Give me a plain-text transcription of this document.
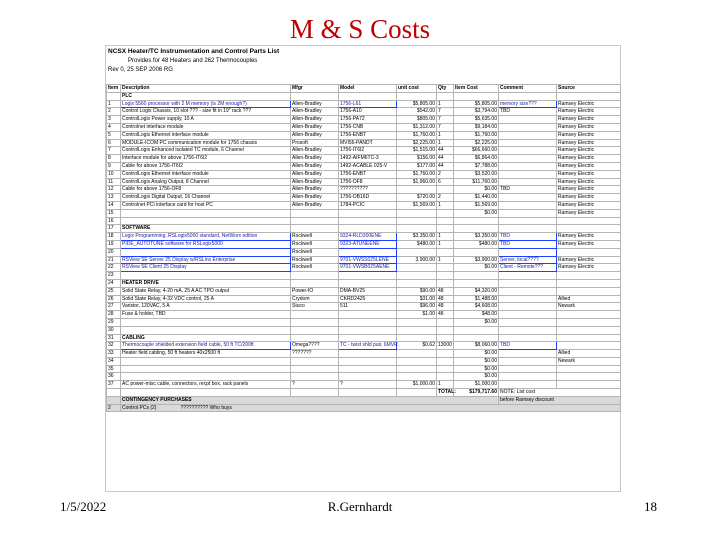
M & S Costs
NCSX Heater/TC Instrumentation and Control Parts List
Provides for 48 Heaters and 262 Thermocouples
Rev 0, 25 SEP 2006 RG
Item	Description	Mfgr	Model	unit cost	Qty	Item Cost	Comment	Source
	PLC							
1	Logix 5560 processor with 2 M memory (is 2M enough?)	Allen-Bradley	1756-L61	$5,805.00	1	$5,805.00	memory size???	Ramsey Electric
2	Control Logix Chassis, 10 slot ??? - size fit in 19" rack ???	Allen-Bradley	1756-A10	$542.00	7	$3,794.00	TBD	Ramsey Electric
3	ControlLogix Power supply, 10 A	Allen-Bradley	1756-PA72	$805.00	7	$5,635.00		Ramsey Electric
4	Controlnet interface module	Allen-Bradley	1756-CNB	$1,312.00	7	$9,184.00		Ramsey Electric
5	ControlLogix Ethernet interface module	Allen-Bradley	1756-ENBT	$1,760.00	1	$1,760.00		Ramsey Electric
6	MODULE-ICOM PC communication module for 1756 chassis	Prosoft	MVI56-PANDT	$2,225.00	1	$2,225.00		Ramsey Electric
7	ControlLogix Enhanced isolated TC module, 6 Channel	Allen-Bradley	1756-IT6I2	$1,515.00	44	$66,660.00		Ramsey Electric
8	Interface module for above 1756-IT6I2	Allen-Bradley	1492-AIFM6TC-3	$156.00	44	$6,864.00		Ramsey Electric
9	Cable for above 1756-IT6I2	Allen-Bradley	1492-ACABLE 025-V	$177.00	44	$7,788.00		Ramsey Electric
10	ControlLogix Ethernet interface module	Allen-Bradley	1756-ENBT	$1,760.00	2	$3,520.00		Ramsey Electric
11	ControlLogix Analog Output, 8 Channel	Allen-Bradley	1756-OF8	$1,960.00	6	$11,760.00		Ramsey Electric
12	Cable for above 1756-OF8	Allen-Bradley	??????????			$0.00	TBD	Ramsey Electric
13	ControlLogix Digital Output, 16 Channel	Allen-Bradley	1756-OB16D	$720.00	2	$1,440.00		Ramsey Electric
14	Controlnet PCI interface card for host PC	Allen-Bradley	1784-PCIC	$1,569.00	1	$1,569.00		Ramsey Electric
15						$0.00		Ramsey Electric
16								
17	SOFTWARE							
18	Logix Programming, RSLogix5000 standard, NetWorx edition	Rockwell	9324-RLD300ENE	$3,350.00	1	$3,350.00	TBD	Ramsey Electric
19	PIDE_AUTOTUNE software for RSLogix5000	Rockwell	9323-ATUNEENE	$480.00	1	$480.00	TBD	Ramsey Electric
20		Rockwell						
21	RSView SE Server 25 Display w/RSLinx Enterprise	Rockwell	9701-VWSS025LENE	3,900.00	1	$3,900.00	Server, local????	Ramsey Electric
22	RSView SE Client 25 Display	Rockwell	9701-VWSB025AENE			$0.00	Client - Remote???	Ramsey Electric
23								
24	HEATER DRIVE							
25	Solid State Relay, 4-20 mA, 25 A AC TPO output	Power-IO	DMA-BV25	$90.00	48	$4,320.00		
26	Solid State Relay, 4-32 VDC control, 25 A	Crydom	CKRD2425	$31.00	48	$1,488.00		Allied
27	Varistor, 120VAC, 5 A	Stuco	511	$96.00	48	$4,608.00		Newark
28	Fuse & holder, TBD			$1.00	48	$48.00		
29						$0.00		
30								
31	CABLING							
32	Thermocouple shielded extension field cable, 50 ft TC/200ft	Omega????	TC - twist shld pair, 6MVR	$0.62	13000	$8,060.00	TBD	
33	Heater field cabling, 50 ft heaters 40x2500 ft	???????				$0.00		Allied
34						$0.00		Newark
35						$0.00		
36						$0.00		
37	AC power-misc cable, connectors, recpt box, rack panels	?	?	$1,000.00	1	$1,000.00		
					TOTAL:	$179,717.60	NOTE: List cost	
	CONTINGENCY PURCHASES						before Ramsey discount	
2	Control PCs (2) ?????????? Who buys							
1/5/2022	R.Gernhardt	18
